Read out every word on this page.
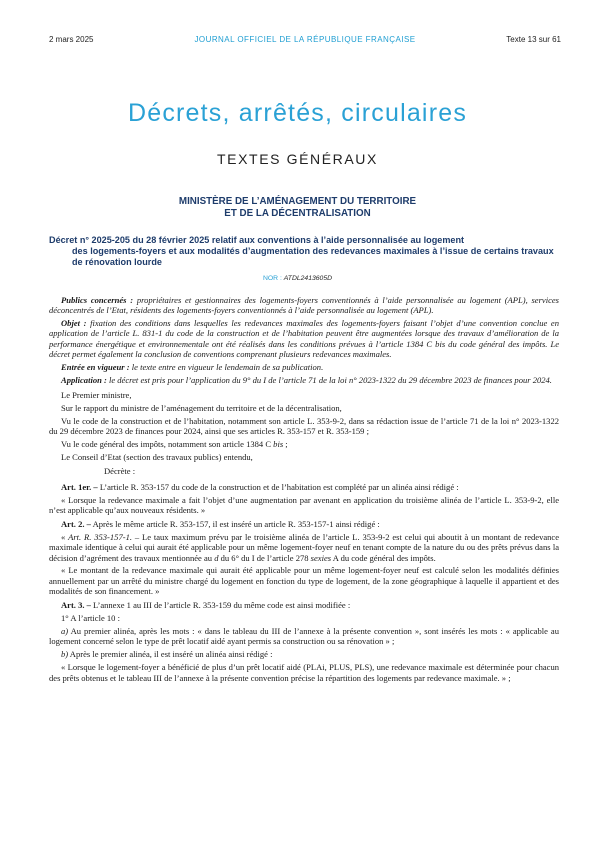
2 mars 2025	JOURNAL OFFICIEL DE LA RÉPUBLIQUE FRANÇAISE	Texte 13 sur 61
Décrets, arrêtés, circulaires
TEXTES GÉNÉRAUX
MINISTÈRE DE L’AMÉNAGEMENT DU TERRITOIRE
ET DE LA DÉCENTRALISATION
Décret n° 2025-205 du 28 février 2025 relatif aux conventions à l’aide personnalisée au logement
des logements-foyers et aux modalités d’augmentation des redevances maximales à l’issue de certains travaux de rénovation lourde
NOR : ATDL2413605D

Publics concernés : propriétaires et gestionnaires des logements-foyers conventionnés à l’aide personnalisée au logement (APL), services déconcentrés de l’Etat, résidents des logements-foyers conventionnés à l’aide personnalisée au logement (APL).

Objet : fixation des conditions dans lesquelles les redevances maximales des logements-foyers faisant l’objet d’une convention conclue en application de l’article L. 831-1 du code de la construction et de l’habitation peuvent être augmentées lorsque des travaux d’amélioration de la performance énergétique et environnementale ont été réalisés dans les conditions prévues à l’article 1384 C bis du code général des impôts. Le décret permet également la conclusion de conventions comprenant plusieurs redevances maximales.

Entrée en vigueur : le texte entre en vigueur le lendemain de sa publication.

Application : le décret est pris pour l’application du 9° du I de l’article 71 de la loi n° 2023-1322 du 29 décembre 2023 de finances pour 2024.

Le Premier ministre,

Sur le rapport du ministre de l’aménagement du territoire et de la décentralisation,

Vu le code de la construction et de l’habitation, notamment son article L. 353-9-2, dans sa rédaction issue de l’article 71 de la loi n° 2023-1322 du 29 décembre 2023 de finances pour 2024, ainsi que ses articles R. 353-157 et R. 353-159 ;

Vu le code général des impôts, notamment son article 1384 C bis ;

Le Conseil d’Etat (section des travaux publics) entendu,

Décrète :

Art. 1er. – L’article R. 353-157 du code de la construction et de l’habitation est complété par un alinéa ainsi rédigé :

« Lorsque la redevance maximale a fait l’objet d’une augmentation par avenant en application du troisième alinéa de l’article L. 353-9-2, elle n’est applicable qu’aux nouveaux résidents. »

Art. 2. – Après le même article R. 353-157, il est inséré un article R. 353-157-1 ainsi rédigé :

« Art. R. 353-157-1. – Le taux maximum prévu par le troisième alinéa de l’article L. 353-9-2 est celui qui aboutit à un montant de redevance maximale identique à celui qui aurait été applicable pour un même logement-foyer neuf en tenant compte de la nature du ou des prêts prévus dans la décision d’agrément des travaux mentionnée au d du 6° du I de l’article 278 sexies A du code général des impôts.

« Le montant de la redevance maximale qui aurait été applicable pour un même logement-foyer neuf est calculé selon les modalités définies annuellement par un arrêté du ministre chargé du logement en fonction du type de logement, de la zone géographique à laquelle il appartient et des modalités de son financement. »

Art. 3. – L’annexe 1 au III de l’article R. 353-159 du même code est ainsi modifiée :

1° A l’article 10 :

a) Au premier alinéa, après les mots : « dans le tableau du III de l’annexe à la présente convention », sont insérés les mots : « applicable au logement concerné selon le type de prêt locatif aidé ayant permis sa construction ou sa rénovation » ;

b) Après le premier alinéa, il est inséré un alinéa ainsi rédigé :

« Lorsque le logement-foyer a bénéficié de plus d’un prêt locatif aidé (PLAi, PLUS, PLS), une redevance maximale est déterminée pour chacun des prêts obtenus et le tableau III de l’annexe à la présente convention précise la répartition des logements par redevance maximale. » ;
